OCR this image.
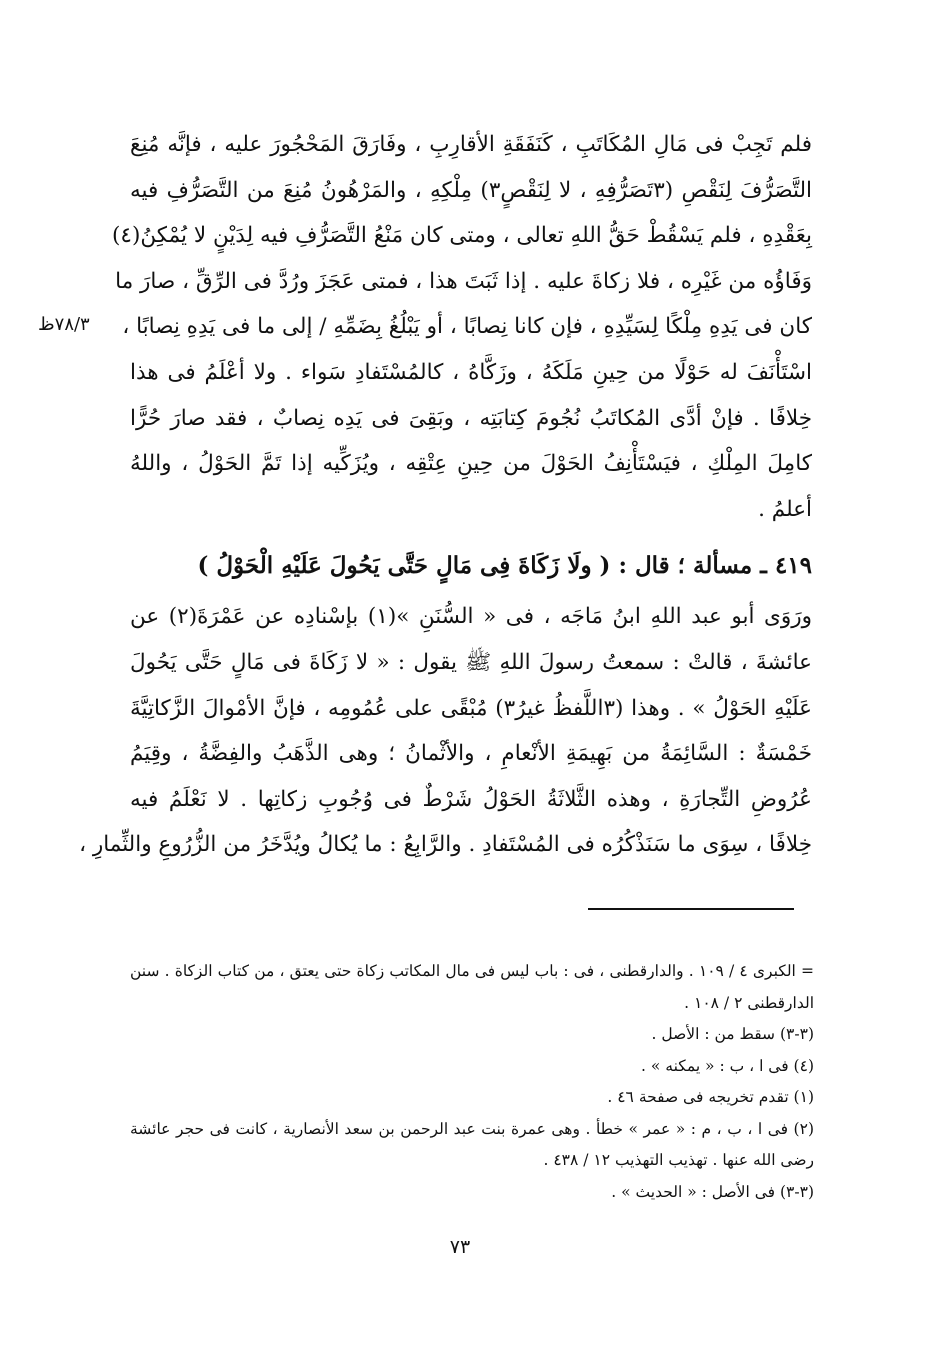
فلم تَجِبْ فى مَالِ المُكَاتَبِ ، كَنَفَقَةِ الأقارِبِ ، وفَارَقَ المَحْجُورَ عليه ، فإنَّه مُنِعَ
التَّصَرُّفَ لِنَقْصِ (٣تَصَرُّفِهِ ، لا لِنَقْصٍ٣) مِلْكِهِ ، والمَرْهُونُ مُنِعَ من التَّصَرُّفِ فيه
بِعَقْدِهِ ، فلم يَسْقُطْ حَقُّ اللهِ تعالى ، ومتى كان مَنْعُ التَّصَرُّفِ فيه لِدَيْنٍ لا يُمْكِنُ(٤)
وَفَاؤُه من غَيْرِه ، فلا زكاةَ عليه . إذا ثَبَتَ هذا ، فمتى عَجَزَ ورُدَّ فى الرِّقِّ ، صارَ ما
كان فى يَدِهِ مِلْكًا لِسَيِّدِهِ ، فإن كانا نِصابًا ، أو يَبْلُغُ بِضَمِّهِ / إلى ما فى يَدِهِ نِصابًا ،
اسْتَأْنَفَ له حَوْلًا من حِينِ مَلَكَهُ ، وزَكَّاهُ ، كالمُسْتَفادِ سَواء . ولا أعْلَمُ فى هذا
خِلافًا . فإنْ أدَّى المُكاتَبُ نُجُومَ كِتابَتِه ، وبَقِىَ فى يَدِه نِصابٌ ، فقد صارَ حُرًّا
كامِلَ المِلْكِ ، فيَسْتَأْنِفُ الحَوْلَ من حِينِ عِتْقِه ، ويُزَكِّيه إذا تَمَّ الحَوْلُ ، واللهُ
أعلمُ .
٤١٩ ـ مسألة ؛ قال : ( ولَا زَكَاةَ فِى مَالٍ حَتَّى يَحُولَ عَلَيْهِ الْحَوْلُ )
ورَوَى أبو عبد اللهِ ابنُ مَاجَه ، فى « السُّنَنِ »(١) بإسْنادِه عن عَمْرَةَ(٢) عن
عائشةَ ، قالتْ : سمعتُ رسولَ اللهِ ﷺ يقول : « لا زَكَاةَ فى مَالٍ حَتَّى يَحُولَ
عَلَيْهِ الحَوْلُ » . وهذا (٣اللَّفظُ غيرُ٣) مُبْقًى على عُمُومِه ، فإنَّ الأمْوالَ الزَّكاتِيَّةَ
خَمْسَةٌ : السَّائِمَةُ من بَهِيمَةِ الأنْعامِ ، والأثْمانُ ؛ وهى الذَّهَبُ والفِضَّةُ ، وقِيَمُ
عُرُوضِ التِّجارَةِ ، وهذه الثَّلاثَةُ الحَوْلُ شَرْطٌ فى وُجُوبِ زكاتِها . لا نَعْلَمُ فيه
خِلافًا ، سِوَى ما سَنَذْكُرُه فى المُسْتَفادِ . والرَّابِعُ : ما يُكالُ ويُدَّخَرُ من الزُّرُوعِ والثِّمارِ ،
٧٨/٣ظ
= الكبرى ٤ / ١٠٩ . والدارقطنى ، فى : باب ليس فى مال المكاتب زكاة حتى يعتق ، من كتاب الزكاة . سنن
الدارقطنى ٢ / ١٠٨ .
(٣-٣) سقط من : الأصل .
(٤) فى ا ، ب : « يمكنه » .
(١) تقدم تخريجه فى صفحة ٤٦ .
(٢) فى ا ، ب ، م : « عمر » خطأ . وهى عمرة بنت عبد الرحمن بن سعد الأنصارية ، كانت فى حجر عائشة
رضى الله عنها . تهذيب التهذيب ١٢ / ٤٣٨ .
(٣-٣) فى الأصل : « الحديث » .
٧٣
